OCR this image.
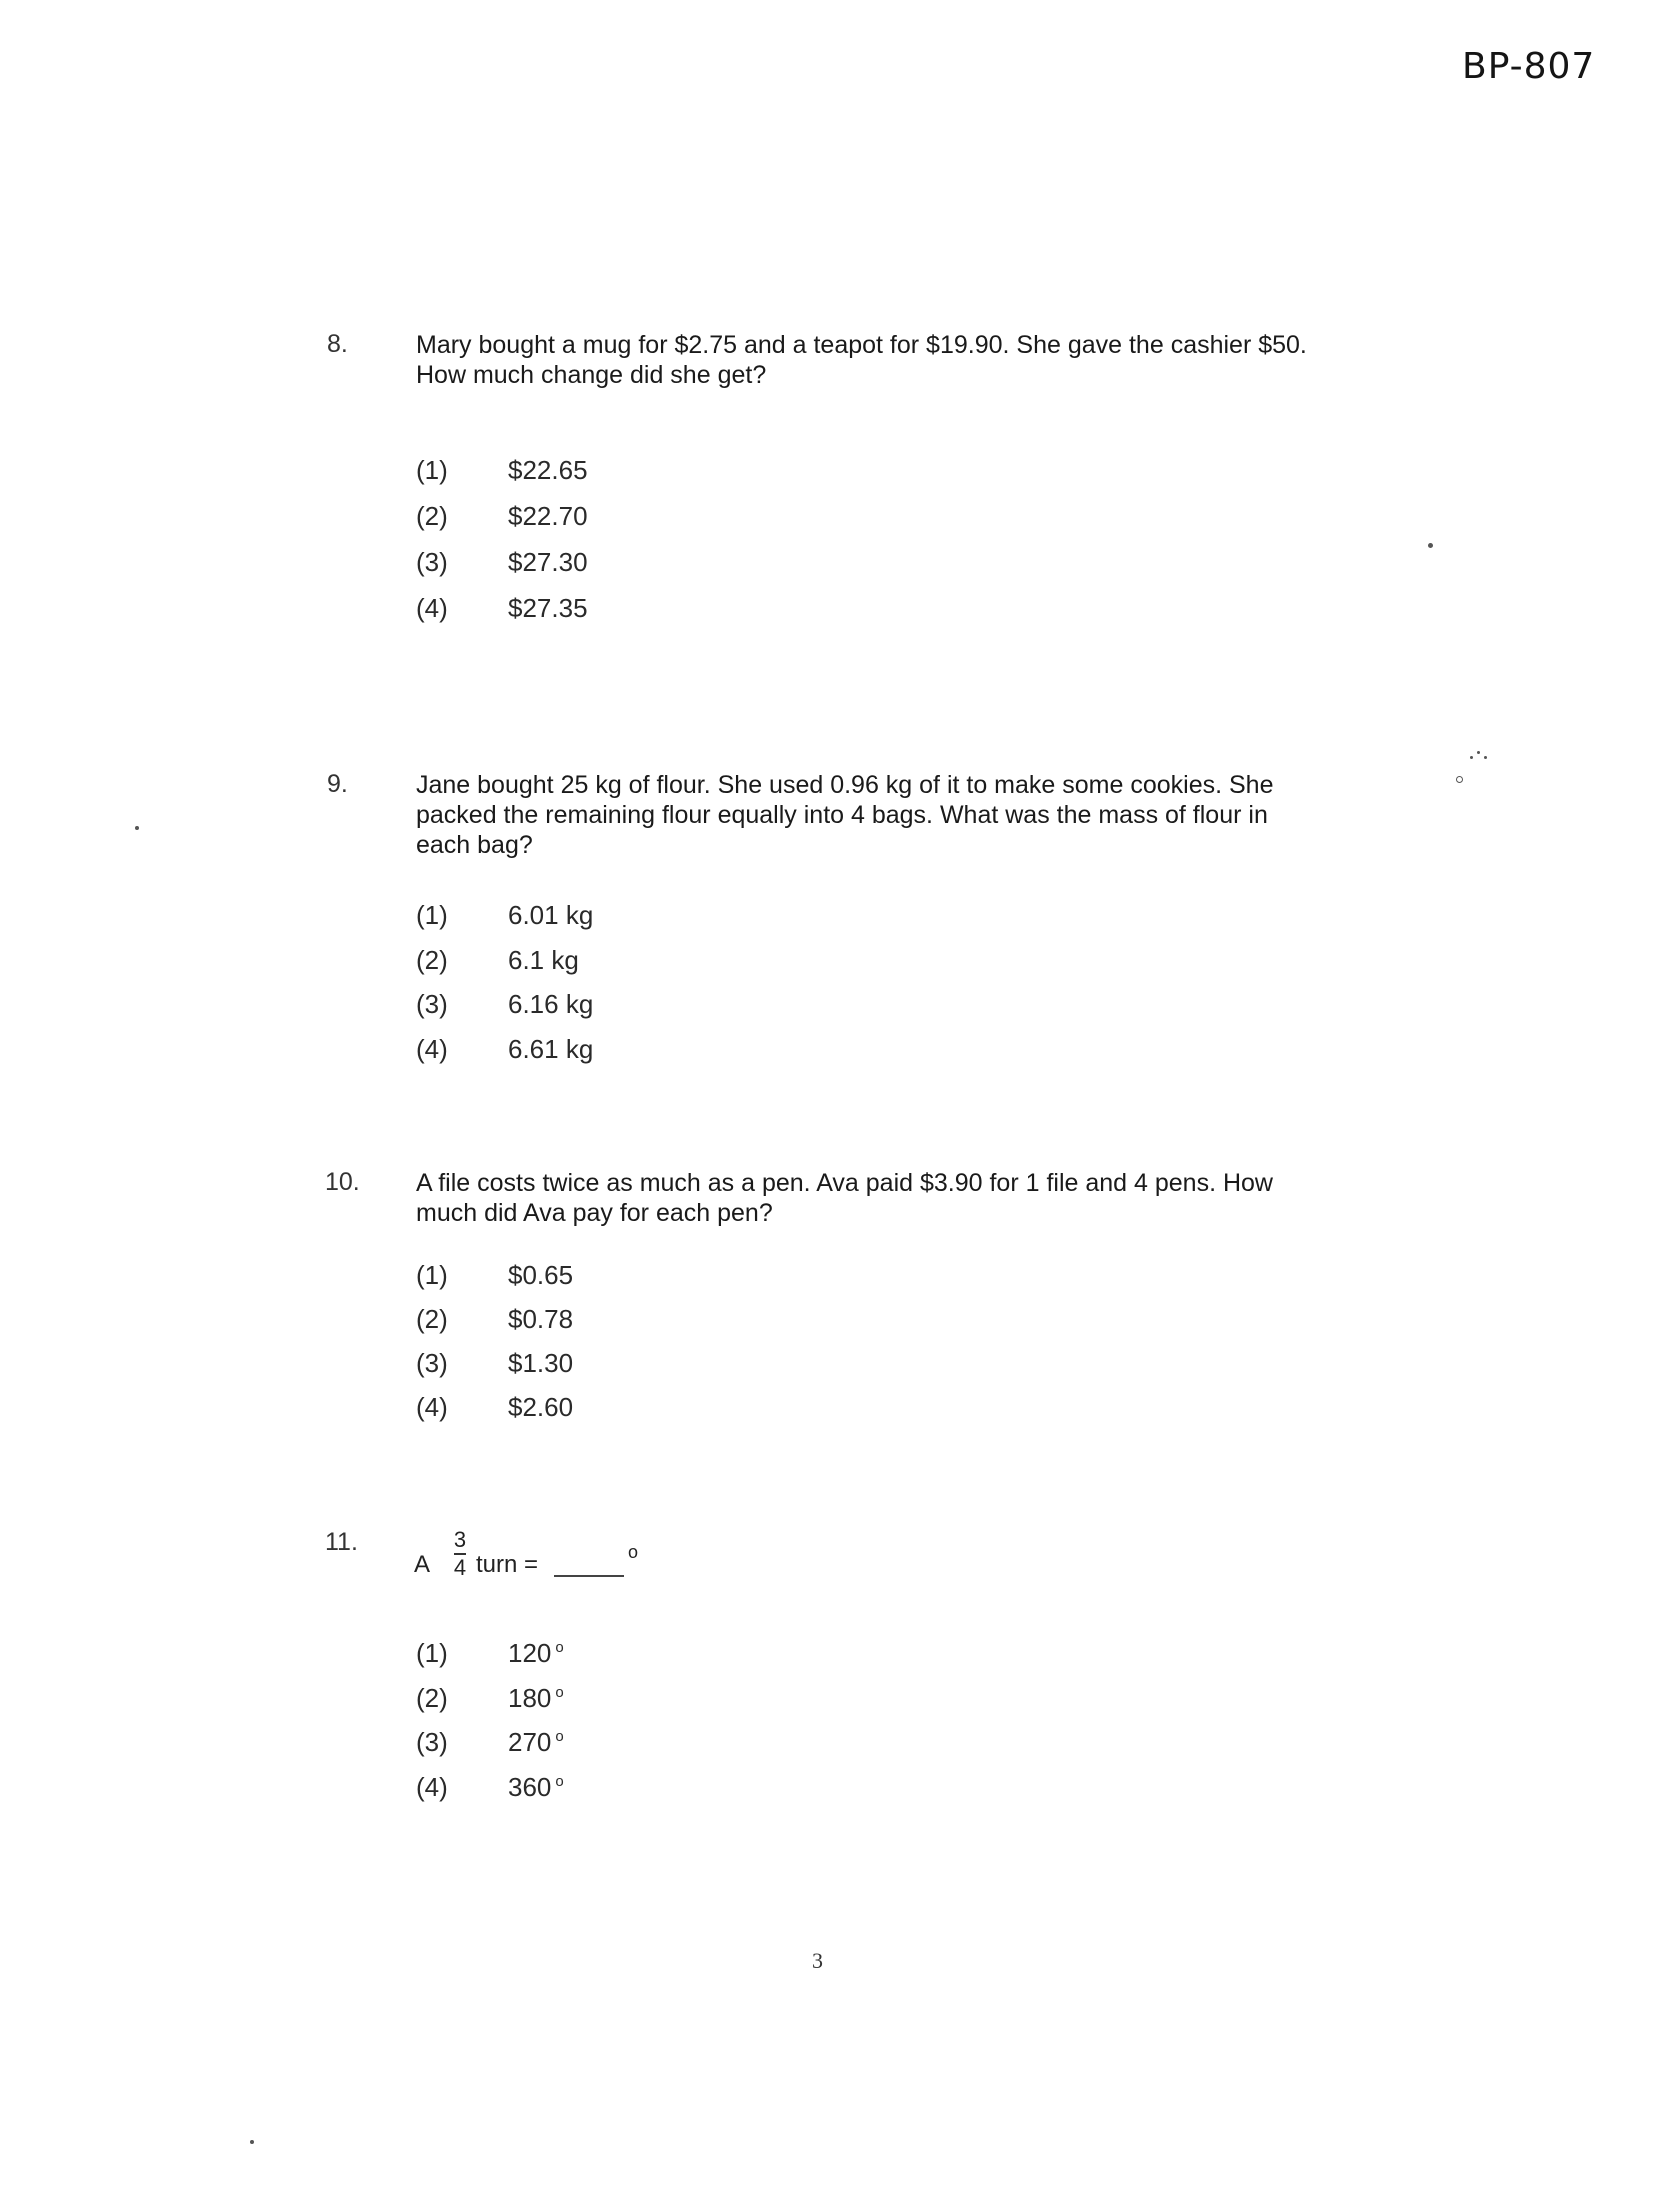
BP-807
8.	Mary bought a mug for $2.75 and a teapot for $19.90. She gave the cashier $50. How much change did she get?
(1)	$22.65
(2)	$22.70
(3)	$27.30
(4)	$27.35
9.	Jane bought 25 kg of flour. She used 0.96 kg of it to make some cookies. She packed the remaining flour equally into 4 bags. What was the mass of flour in each bag?
(1)	6.01 kg
(2)	6.1 kg
(3)	6.16 kg
(4)	6.61 kg
10. A file costs twice as much as a pen. Ava paid $3.90 for 1 file and 4 pens. How much did Ava pay for each pen?
(1)	$0.65
(2)	$0.78
(3)	$1.30
(4)	$2.60
11.
A
3
4 turn =	o
(1)	120 $^o$
(2)	180 $^o$
(3)	270 $^o$
(4)	360 $^o$
3
